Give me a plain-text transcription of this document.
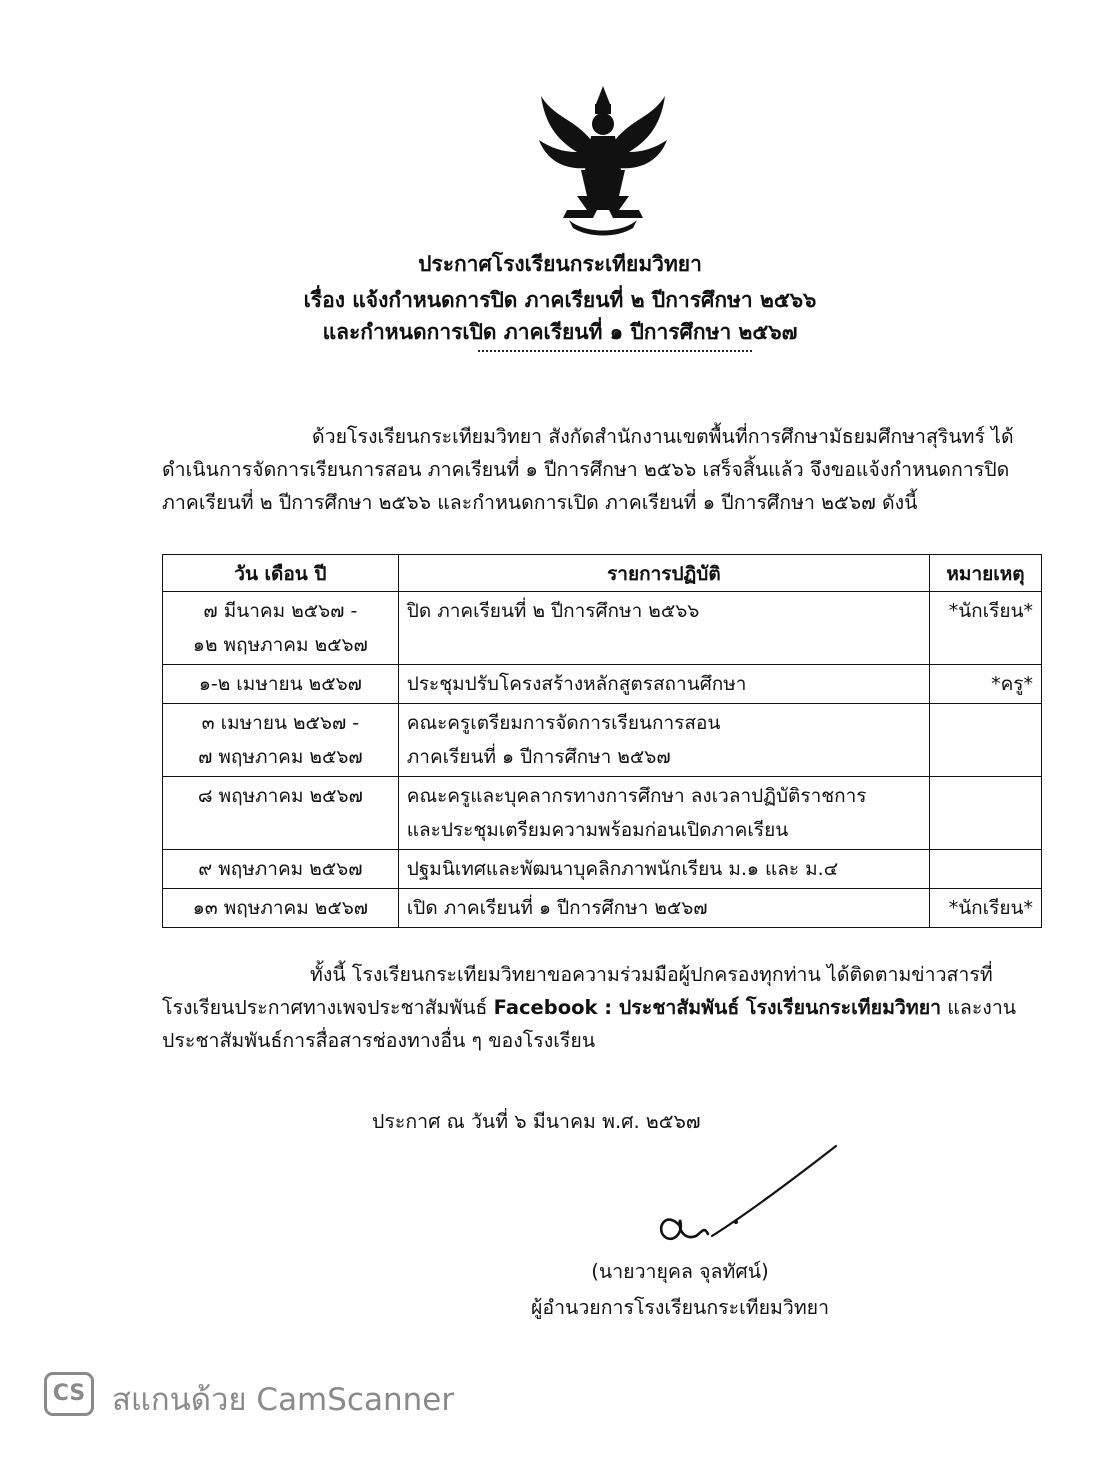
ประกาศโรงเรียนกระเทียมวิทยา
เรื่อง แจ้งกำหนดการปิด ภาคเรียนที่ ๒ ปีการศึกษา ๒๕๖๖
และกำหนดการเปิด ภาคเรียนที่ ๑ ปีการศึกษา ๒๕๖๗
ด้วยโรงเรียนกระเทียมวิทยา สังกัดสำนักงานเขตพื้นที่การศึกษามัธยมศึกษาสุรินทร์ ได้
ดำเนินการจัดการเรียนการสอน ภาคเรียนที่ ๑ ปีการศึกษา ๒๕๖๖ เสร็จสิ้นแล้ว จึงขอแจ้งกำหนดการปิด
ภาคเรียนที่ ๒ ปีการศึกษา ๒๕๖๖ และกำหนดการเปิด ภาคเรียนที่ ๑ ปีการศึกษา ๒๕๖๗ ดังนี้
วัน เดือน ปี	รายการปฏิบัติ	หมายเหตุ

๗ มีนาคม ๒๕๖๗ -
๑๒ พฤษภาคม ๒๕๖๗	ปิด ภาคเรียนที่ ๒ ปีการศึกษา ๒๕๖๖	*นักเรียน*

๑-๒ เมษายน ๒๕๖๗	ประชุมปรับโครงสร้างหลักสูตรสถานศึกษา	*ครู*

๓ เมษายน ๒๕๖๗ -
๗ พฤษภาคม ๒๕๖๗	คณะครูเตรียมการจัดการเรียนการสอน
ภาคเรียนที่ ๑ ปีการศึกษา ๒๕๖๗	

๘ พฤษภาคม ๒๕๖๗	คณะครูและบุคลากรทางการศึกษา ลงเวลาปฏิบัติราชการ
และประชุมเตรียมความพร้อมก่อนเปิดภาคเรียน	

๙ พฤษภาคม ๒๕๖๗	ปฐมนิเทศและพัฒนาบุคลิกภาพนักเรียน ม.๑ และ ม.๔	

๑๓ พฤษภาคม ๒๕๖๗	เปิด ภาคเรียนที่ ๑ ปีการศึกษา ๒๕๖๗	*นักเรียน*
ทั้งนี้ โรงเรียนกระเทียมวิทยาขอความร่วมมือผู้ปกครองทุกท่าน ได้ติดตามข่าวสารที่
โรงเรียนประกาศทางเพจประชาสัมพันธ์ Facebook : ประชาสัมพันธ์ โรงเรียนกระเทียมวิทยา และงาน
ประชาสัมพันธ์การสื่อสารช่องทางอื่น ๆ ของโรงเรียน
ประกาศ ณ วันที่ ๖ มีนาคม พ.ศ. ๒๕๖๗
(นายวายุคล จุลทัศน์)
ผู้อำนวยการโรงเรียนกระเทียมวิทยา
CS สแกนด้วย CamScanner
